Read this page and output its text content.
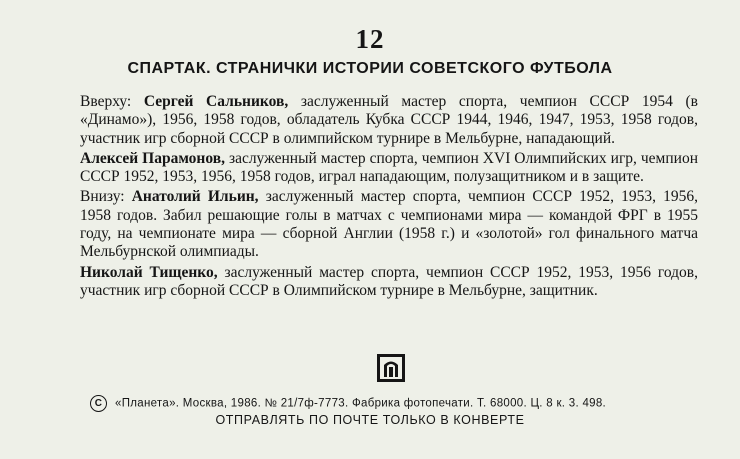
12
СПАРТАК. СТРАНИЧКИ ИСТОРИИ СОВЕТСКОГО ФУТБОЛА

Вверху: Сергей Сальников, заслуженный мастер спорта, чемпион СССР 1954 (в «Динамо»), 1956, 1958 годов, обладатель Кубка СССР 1944, 1946, 1947, 1953, 1958 годов, участник игр сборной СССР в олимпийском турнире в Мельбурне, нападающий.

Алексей Парамонов, заслуженный мастер спорта, чемпион XVI Олимпийских игр, чемпион СССР 1952, 1953, 1956, 1958 годов, играл нападающим, полузащитником и в защите.

Внизу: Анатолий Ильин, заслуженный мастер спорта, чемпион СССР 1952, 1953, 1956, 1958 годов. Забил решающие голы в матчах с чемпионами мира — командой ФРГ в 1955 году, на чемпионате мира — сборной Англии (1958 г.) и «золотой» гол финального матча Мельбурнской олимпиады.

Николай Тищенко, заслуженный мастер спорта, чемпион СССР 1952, 1953, 1956 годов, участник игр сборной СССР в Олимпийском турнире в Мельбурне, защитник.

С «Планета». Москва, 1986. № 21/7ф-7773. Фабрика фотопечати. Т. 68000. Ц. 8 к. 3. 498.
ОТПРАВЛЯТЬ ПО ПОЧТЕ ТОЛЬКО В КОНВЕРТЕ
